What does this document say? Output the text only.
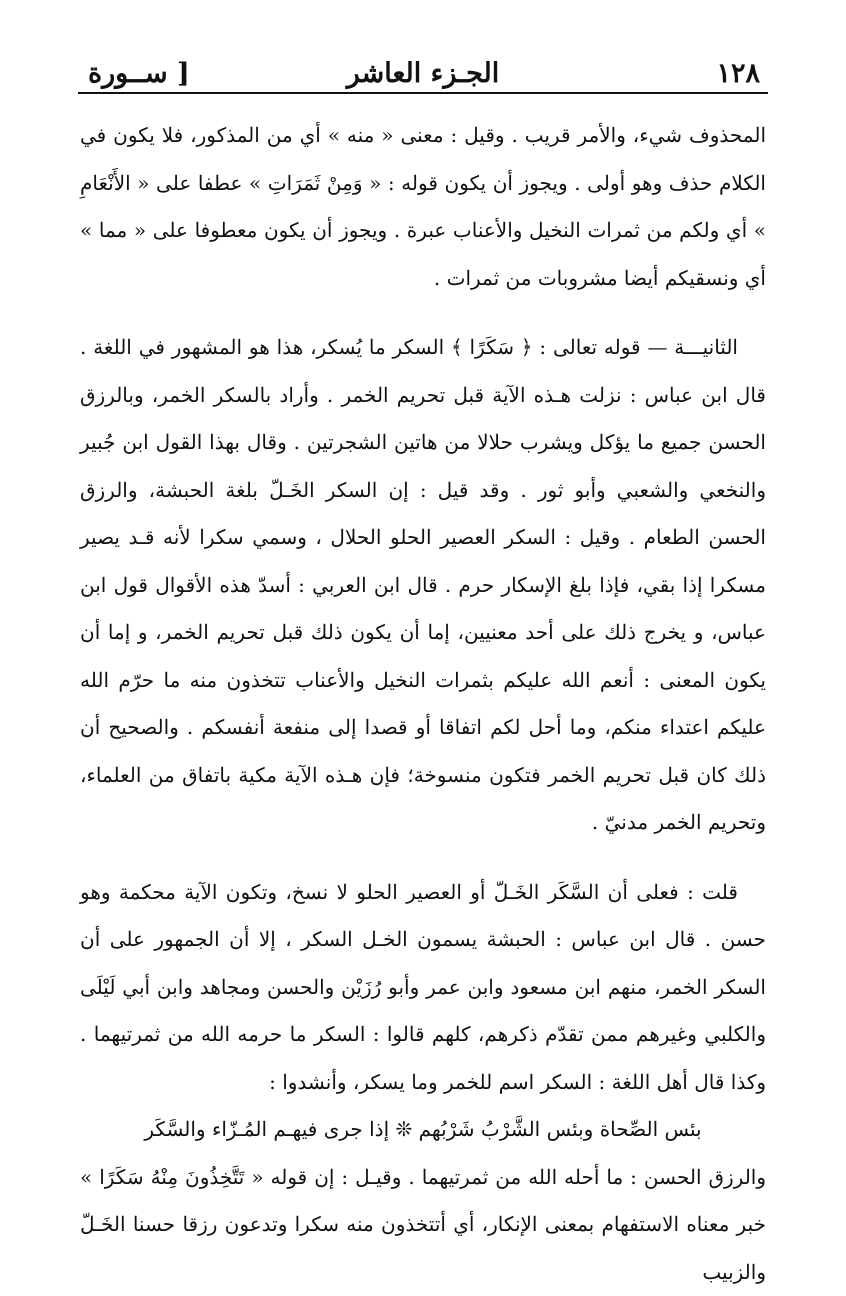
١٢٨
الجـزء العاشر
[ ســورة

المحذوف شيء، والأمر قريب . وقيل : معنى « منه » أي من المذكور، فلا يكون في الكلام حذف وهو أولى . ويجوز أن يكون قوله : « وَمِنْ ثَمَرَاتِ » عطفا على « الأَنْعَامِ » أي ولكم من ثمرات النخيل والأعناب عبرة . ويجوز أن يكون معطوفا على « مما » أي ونسقيكم أيضا مشروبات من ثمرات .

الثانيـــة — قوله تعالى : ﴿ سَكَرًا ﴾ السكر ما يُسكر، هذا هو المشهور في اللغة . قال ابن عباس : نزلت هـذه الآية قبل تحريم الخمر . وأراد بالسكر الخمر، وبالرزق الحسن جميع ما يؤكل ويشرب حلالا من هاتين الشجرتين . وقال بهذا القول ابن جُبير والنخعي والشعبي وأبو ثور . وقد قيل : إن السكر الخَـلّ بلغة الحبشة، والرزق الحسن الطعام . وقيل : السكر العصير الحلو الحلال ، وسمي سكرا لأنه قـد يصير مسكرا إذا بقي، فإذا بلغ الإسكار حرم . قال ابن العربي : أسدّ هذه الأقوال قول ابن عباس، و يخرج ذلك على أحد معنيين، إما أن يكون ذلك قبل تحريم الخمر، و إما أن يكون المعنى : أنعم الله عليكم بثمرات النخيل والأعناب تتخذون منه ما حرّم الله عليكم اعتداء منكم، وما أحل لكم اتفاقا أو قصدا إلى منفعة أنفسكم . والصحيح أن ذلك كان قبل تحريم الخمر فتكون منسوخة؛ فإن هـذه الآية مكية باتفاق من العلماء، وتحريم الخمر مدنيّ .

قلت : فعلى أن السَّكَر الخَـلّ أو العصير الحلو لا نسخ، وتكون الآية محكمة وهو حسن . قال ابن عباس : الحبشة يسمون الخـل السكر ، إلا أن الجمهور على أن السكر الخمر، منهم ابن مسعود وابن عمر وأبو رُزَيْن والحسن ومجاهد وابن أبي لَيْلَى والكلبي وغيرهم ممن تقدّم ذكرهم، كلهم قالوا : السكر ما حرمه الله من ثمرتيهما . وكذا قال أهل اللغة : السكر اسم للخمر وما يسكر، وأنشدوا :

بئس الصِّحاة وبئس الشَّرْبُ شَرْبُهم ❊ إذا جرى فيهـم المُـزّاء والسَّكَر

والرزق الحسن : ما أحله الله من ثمرتيهما . وقيـل : إن قوله « تَتَّخِذُونَ مِنْهُ سَكَرًا » خبر معناه الاستفهام بمعنى الإنكار، أي أتتخذون منه سكرا وتدعون رزقا حسنا الخَـلّ والزبيب
